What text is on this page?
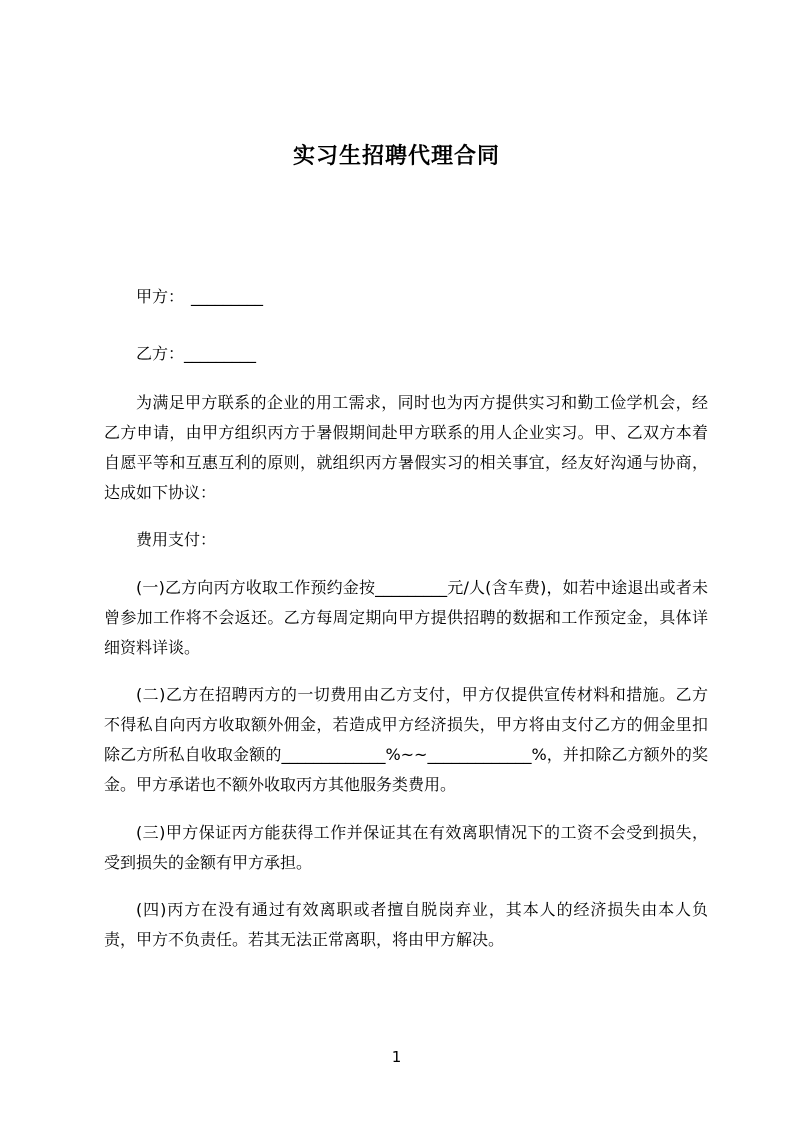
实习生招聘代理合同
甲方： _________
乙方：_________

为满足甲方联系的企业的用工需求，同时也为丙方提供实习和勤工俭学机会，经乙方申请，由甲方组织丙方于暑假期间赴甲方联系的用人企业实习。甲、乙双方本着自愿平等和互惠互利的原则，就组织丙方暑假实习的相关事宜，经友好沟通与协商，达成如下协议：

费用支付：

(一)乙方向丙方收取工作预约金按_________元/人(含车费)，如若中途退出或者未曾参加工作将不会返还。乙方每周定期向甲方提供招聘的数据和工作预定金，具体详细资料详谈。

(二)乙方在招聘丙方的一切费用由乙方支付，甲方仅提供宣传材料和措施。乙方不得私自向丙方收取额外佣金，若造成甲方经济损失，甲方将由支付乙方的佣金里扣除乙方所私自收取金额的_____________%~~_____________%，并扣除乙方额外的奖金。甲方承诺也不额外收取丙方其他服务类费用。

(三)甲方保证丙方能获得工作并保证其在有效离职情况下的工资不会受到损失，受到损失的金额有甲方承担。

(四)丙方在没有通过有效离职或者擅自脱岗弃业，其本人的经济损失由本人负责，甲方不负责任。若其无法正常离职，将由甲方解决。

1
